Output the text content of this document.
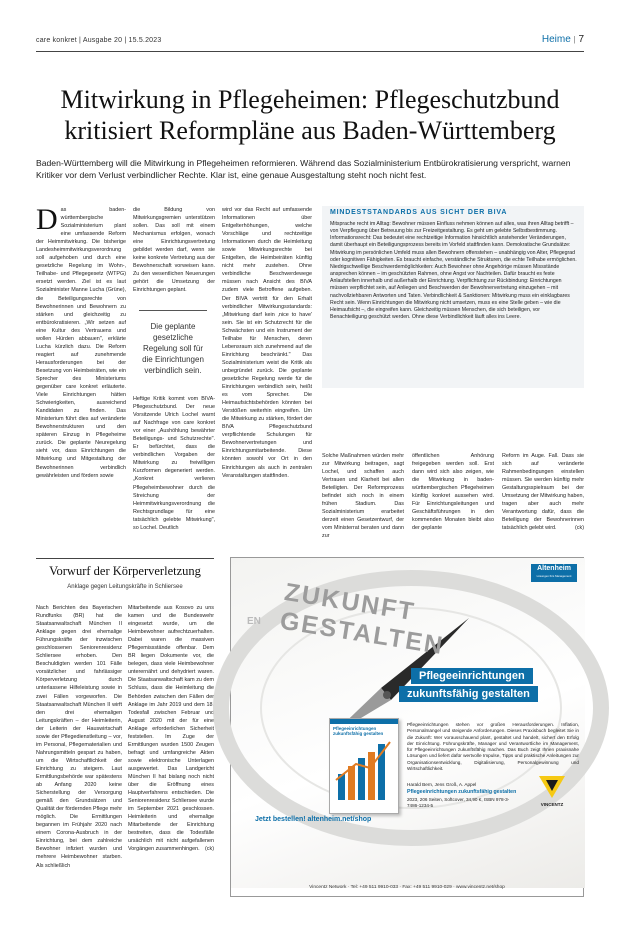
care konkret | Ausgabe 20 | 15.5.2023	Heime | 7
Mitwirkung in Pflegeheimen: Pflegeschutzbund kritisiert Reformpläne aus Baden-Württemberg

Baden-Württemberg will die Mitwirkung in Pflegeheimen reformieren. Während das Sozialministerium Entbürokratisierung verspricht, warnen Kritiker vor dem Verlust verbindlicher Rechte. Klar ist, eine genaue Ausgestaltung steht noch nicht fest.

Das baden-württembergische Sozialministerium plant eine umfassende Reform der Heimmitwirkung. Die bisherige Landesheimmitwirkungsverordnung soll aufgehoben und durch eine gesetzliche Regelung im Wohn-, Teilhabe- und Pflegegesetz (WTPG) ersetzt werden. Ziel ist es laut Sozialminister Manne Lucha (Grüne), die Beteiligungsrechte von Bewohnerinnen und Bewohnern zu stärken und gleichzeitig zu entbürokratisieren. „Wir setzen auf eine Kultur des Vertrauens und wollen Hürden abbauen", erklärte Lucha kürzlich dazu. Die Reform reagiert auf zunehmende Herausforderungen bei der Besetzung von Heimbeiräten, wie ein Sprecher des Ministeriums gegenüber care konkret erläuterte. Viele Einrichtungen hätten Schwierigkeiten, ausreichend Kandidaten zu finden. Das Ministerium führt dies auf veränderte Bewohnerstrukturen und den späteren Einzug in Pflegeheime zurück. Die geplante Neuregelung sieht vor, dass Einrichtungen die Mitwirkung und Mitgestaltung der Bewohnerinnen verbindlich gewährleisten und fördern sowie
die Bildung von Mitwirkungsgremien unterstützen sollen. Das soll mit einem Mechanismus erfolgen, wonach eine Einrichtungsvertretung gebildet werden darf, wenn sie keine konkrete Vertretung aus der Bewohnerschaft vorweisen kann. Zu den wesentlichen Neuerungen gehört die Umsetzung der Einrichtungen geplant.
Die geplante gesetzliche Regelung soll für die Einrichtungen verbindlich sein.
Heftige Kritik kommt vom BIVA-Pflegeschutzbund. Der neue Vorsitzende Ulrich Lochel warnt auf Nachfrage von care konkret vor einer „Aushöhlung bewährter Beteiligungs- und Schutzrechte". Er befürchtet, dass die verbindlichen Vorgaben der Mitwirkung zu freiwilligen Kurzformen degeneriert werden. „Konkret verlieren Pflegeheimbewohner durch die Streichung der Heimmitwirkungsverordnung die Rechtsgrundlage für eine tatsächlich gelebte Mitwirkung", so Lochel. Deutlich
wird vor das Recht auf umfassende Informationen über Entgelterhöhungen, welche Vorschläge und rechtzeitige Informationen durch die Heimleitung sowie Mitwirkungsrechte bei Entgelten, die Heimbeiräten künftig nicht mehr zustehen. Ohne verbindliche Beschwerdewege müssen nach Ansicht des BIVA zudem viele Betroffene aufgeben. Der BIVA vertritt für den Erhalt verbindlicher Mitwirkungsstandards: „Mitwirkung darf kein ‚nice to have' sein. Sie ist ein Schutzrecht für die Schwächsten und ein Instrument der Teilhabe für Menschen, deren Lebensraum sich zunehmend auf die Einrichtung beschränkt." Das Sozialministerium weist die Kritik als unbegründet zurück. Die geplante gesetzliche Regelung werde für die Einrichtungen verbindlich sein, heißt es vom Sprecher. Die Heimaufsichtsbehörden könnten bei Verstößen weiterhin eingreifen. Um die Mitwirkung zu stärken, fördert der BIVA Pflegeschutzbund verpflichtende Schulungen für Bewohnervertretungen und Einrichtungsmitarbeitende. Diese könnten sowohl vor Ort in den Einrichtungen als auch in zentralen Veranstaltungen stattfinden.
Solche Maßnahmen würden mehr zur Mitwirkung beitragen, sagt Lochel, und schaffen auch Vertrauen und Klarheit bei allen Beteiligten. Der Reformprozess befindet sich noch in einem frühen Stadium. Das Sozialministerium erarbeitet derzeit einen Gesetzentwurf, der vom Ministerrat beraten und dann zur
öffentlichen Anhörung freigegeben werden soll. Erst dann wird sich also zeigen, wie die Mitwirkung in baden-württembergischen Pflegeheimen künftig konkret aussehen wird. Für Einrichtungsleitungen und Geschäftsführungen in den kommenden Monaten bleibt also der geplante
Reform im Auge. Fall. Dass sie sich auf veränderte Rahmenbedingungen einstellen müssen. Sie werden künftig mehr Gestaltungsspielraum bei der Umsetzung der Mitwirkung haben, tragen aber auch mehr Verantwortung dafür, dass die Beteiligung der Bewohnerinnen tatsächlich gelebt wird.	(ck)
MINDESTSTANDARDS AUS SICHT DER BIVA
Mitsprache recht im Alltag: Bewohner müssen Einfluss nehmen können auf alles, was ihren Alltag betrifft – von Verpflegung über Betreuung bis zur Freizeitgestaltung. Es geht um gelebte Selbstbestimmung. Informationsrecht: Das bedeutet eine rechtzeitige Information hinsichtlich anstehender Veränderungen, damit überhaupt ein Beteiligungsprozess bereits im Vorfeld stattfinden kann. Demokratische Grundsätze: Mitwirkung im persönlichen Umfeld muss allen Bewohnern offenstehen – unabhängig von Alter, Pflegegrad oder kognitiven Fähigkeiten. Es braucht einfache, verständliche Strukturen, die echte Teilhabe ermöglichen. Niedrigschwellige Beschwerdemöglichkeiten: Auch Bewohner ohne Angehörige müssen Missstände ansprechen können – im geschützten Rahmen, ohne Angst vor Nachteilen. Dafür braucht es feste Anlaufstellen innerhalb und außerhalb der Einrichtung. Verpflichtung zur Rückbindung: Einrichtungen müssen verpflichtet sein, auf Anliegen und Beschwerden der Bewohnervertretung einzugehen – mit nachvollziehbaren Antworten und Taten. Verbindlichkeit & Sanktionen: Mitwirkung muss ein einklagbares Recht sein. Wenn Einrichtungen die Mitwirkung nicht umsetzen, muss es eine Stelle geben – wie die Heimaufsicht –, die eingreifen kann. Gleichzeitig müssen Menschen, die sich beteiligen, vor Benachteiligung geschützt werden. Ohne diese Verbindlichkeit läuft alles ins Leere.
Vorwurf der Körperverletzung
Anklage gegen Leitungskräfte in Schliersee
Nach Berichten des Bayerischen Rundfunks (BR) hat die Staatsanwaltschaft München II Anklage gegen drei ehemalige Führungskräfte der inzwischen geschlossenen Seniorenresidenz Schliersee erhoben. Den Beschuldigten werden 101 Fälle vorsätzlicher und fahrlässiger Körperverletzung durch unterlassene Hilfeleistung sowie in zwei Fällen vorgeworfen. Die Staatsanwaltschaft München II wirft den drei ehemaligen Leitungskräften – der Heimleiterin, der Leiterin der Hauswirtschaft sowie der Pflegedienstleitung – vor, im Personal, Pflegematerialien und Nahrungsmitteln gespart zu haben, um die Wirtschaftlichkeit der Einrichtung zu steigern. Laut Ermittlungsbehörde war spätestens ab Anfang 2020 keine Sicherstellung der Versorgung gemäß den Grundsätzen und Qualität der fördernden Pflege mehr möglich. Die Ermittlungen begannen im Frühjahr 2020 nach einem Corona-Ausbruch in der Einrichtung, bei dem zahlreiche Bewohner infiziert wurden und mehrere Heimbewohner starben. Als schließlich
Mitarbeitende aus Kosovo zu uns kamen und die Bundeswehr eingesetzt wurde, um die Heimbewohner aufrechtzuerhalten. Dabei waren die massiven Pflegemissstände offenbar. Dem BR liegen Dokumente vor, die belegen, dass viele Heimbewohner unterernährt und dehydriert waren. Die Staatsanwaltschaft kam zu dem Schluss, dass die Heimleitung die Behörden zwischen den Fällen der Anklage im Jahr 2019 und dem 18. Todesfall zwischen Februar und August 2020 mit der für eine Anklage erforderlichen Sicherheit feststellen. Im Zuge der Ermittlungen wurden 1500 Zeugen befragt und umfangreiche Akten sowie elektronische Unterlagen ausgewertet. Das Landgericht München II hat bislang noch nicht über die Eröffnung eines Hauptverfahrens entschieden. Die Seniorenresidenz Schliersee wurde im September 2021 geschlossen. Heimleiterin und ehemalige Mitarbeitende der Einrichtung bestreiten, dass die Todesfälle ursächlich mit nicht aufgefallenen Vorgängen zusammenhingen. (ck)
Altenheim
Lösungen fürs Management
EN ZUKUNFT GESTALTEN
Pflegeeinrichtungen zukunftsfähig gestalten
Pflegeeinrichtungen
zukunftsfähig gestalten
Pflegeeinrichtungen stehen vor großen Herausforderungen. Inflation, Personalmangel und steigende Anforderungen. Dieses Praxisbuch begleitet Sie in die Zukunft: Wer vorausschauend plant, gestaltet und handelt, sichert den Erfolg der Einrichtung. Führungskräfte, Manager und Verantwortliche im Management, für Pflegeeinrichtungen zukunftsfähig machen. Das Buch zeigt Ihnen praxisnahe Lösungen und liefert dafür wertvolle Impulse, Tipps und praktische Anleitungen zur Organisationsentwicklung, Digitalisierung, Personalgewinnung und Wirtschaftlichkeit.
Harald Bern, Jens Groß, A. Appel
Pflegeeinrichtungen zukunftsfähig gestalten
2023, 206 Seiten, Softcover, 34,90 €, ISBN 978-3-7486-1234-5	VINCENTZ
Jetzt bestellen! altenheim.net/shop
Vincentz Network · Tel: +49 511 9910-033 · Fax: +49 511 9910-029 · www.vincentz.net/shop
